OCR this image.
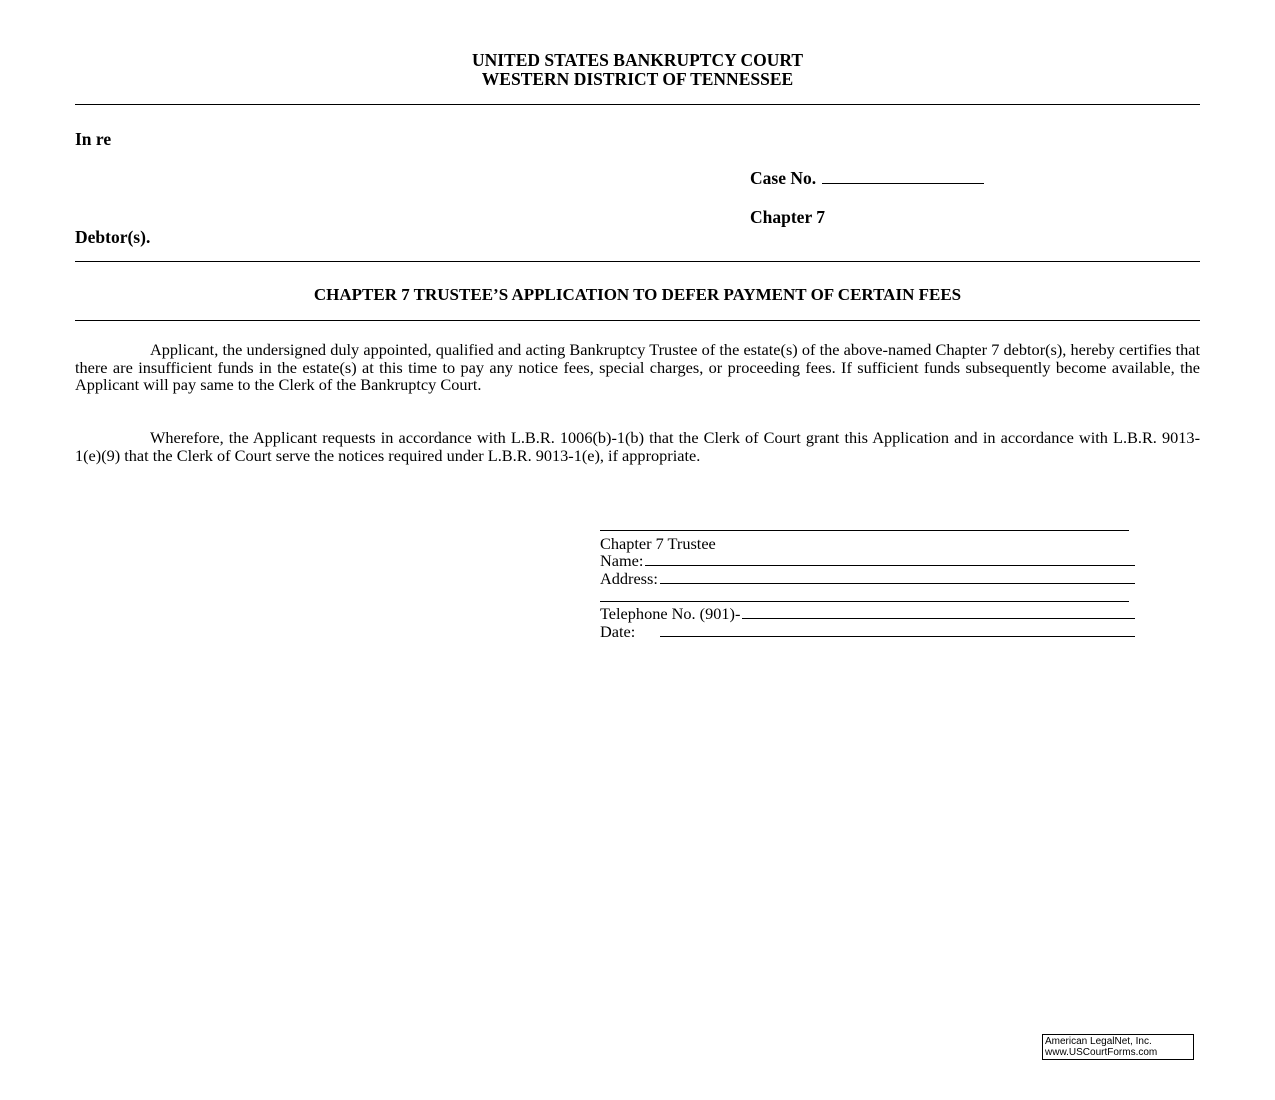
UNITED STATES BANKRUPTCY COURT
WESTERN DISTRICT OF TENNESSEE
In re
Case No.
Chapter 7
Debtor(s).
CHAPTER 7 TRUSTEE’S APPLICATION TO DEFER PAYMENT OF CERTAIN FEES
Applicant, the undersigned duly appointed, qualified and acting Bankruptcy Trustee of the estate(s) of the above-named Chapter 7 debtor(s), hereby certifies that there are insufficient funds in the estate(s) at this time to pay any notice fees, special charges, or proceeding fees. If sufficient funds subsequently become available, the Applicant will pay same to the Clerk of the Bankruptcy Court.
Wherefore, the Applicant requests in accordance with L.B.R. 1006(b)-1(b) that the Clerk of Court grant this Application and in accordance with L.B.R. 9013-1(e)(9) that the Clerk of Court serve the notices required under L.B.R. 9013-1(e), if appropriate.
Chapter 7 Trustee
Name:
Address:
Telephone No. (901)-
Date:
American LegalNet, Inc.
www.USCourtForms.com
